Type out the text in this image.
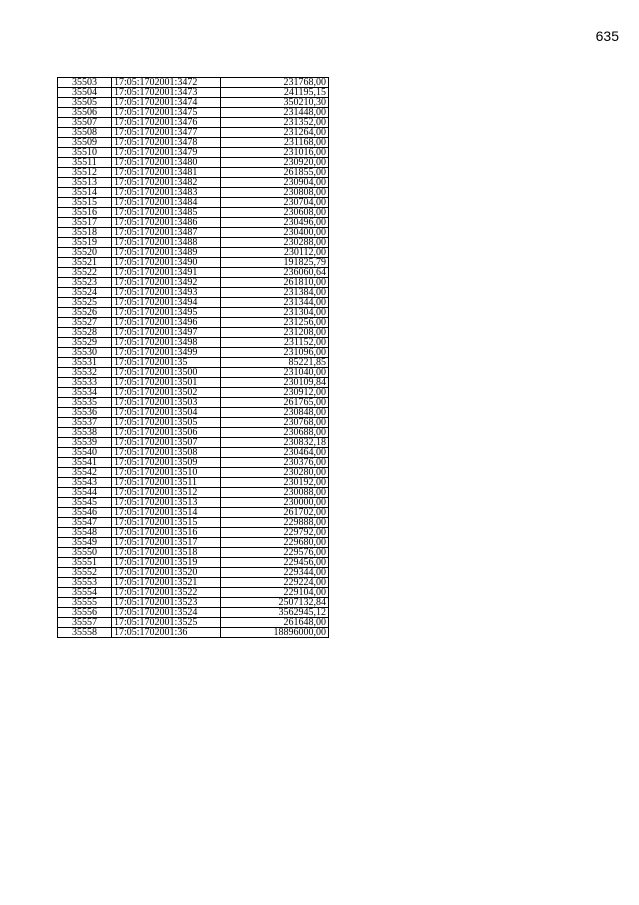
635
35503	17:05:1702001:3472	231768,00
35504	17:05:1702001:3473	241195,15
35505	17:05:1702001:3474	350210,30
35506	17:05:1702001:3475	231448,00
35507	17:05:1702001:3476	231352,00
35508	17:05:1702001:3477	231264,00
35509	17:05:1702001:3478	231168,00
35510	17:05:1702001:3479	231016,00
35511	17:05:1702001:3480	230920,00
35512	17:05:1702001:3481	261855,00
35513	17:05:1702001:3482	230904,00
35514	17:05:1702001:3483	230808,00
35515	17:05:1702001:3484	230704,00
35516	17:05:1702001:3485	230608,00
35517	17:05:1702001:3486	230496,00
35518	17:05:1702001:3487	230400,00
35519	17:05:1702001:3488	230288,00
35520	17:05:1702001:3489	230112,00
35521	17:05:1702001:3490	191825,79
35522	17:05:1702001:3491	236060,64
35523	17:05:1702001:3492	261810,00
35524	17:05:1702001:3493	231384,00
35525	17:05:1702001:3494	231344,00
35526	17:05:1702001:3495	231304,00
35527	17:05:1702001:3496	231256,00
35528	17:05:1702001:3497	231208,00
35529	17:05:1702001:3498	231152,00
35530	17:05:1702001:3499	231096,00
35531	17:05:1702001:35	85221,85
35532	17:05:1702001:3500	231040,00
35533	17:05:1702001:3501	230109,84
35534	17:05:1702001:3502	230912,00
35535	17:05:1702001:3503	261765,00
35536	17:05:1702001:3504	230848,00
35537	17:05:1702001:3505	230768,00
35538	17:05:1702001:3506	230688,00
35539	17:05:1702001:3507	230832,18
35540	17:05:1702001:3508	230464,00
35541	17:05:1702001:3509	230376,00
35542	17:05:1702001:3510	230280,00
35543	17:05:1702001:3511	230192,00
35544	17:05:1702001:3512	230088,00
35545	17:05:1702001:3513	230000,00
35546	17:05:1702001:3514	261702,00
35547	17:05:1702001:3515	229888,00
35548	17:05:1702001:3516	229792,00
35549	17:05:1702001:3517	229680,00
35550	17:05:1702001:3518	229576,00
35551	17:05:1702001:3519	229456,00
35552	17:05:1702001:3520	229344,00
35553	17:05:1702001:3521	229224,00
35554	17:05:1702001:3522	229104,00
35555	17:05:1702001:3523	2507132,84
35556	17:05:1702001:3524	3562945,12
35557	17:05:1702001:3525	261648,00
35558	17:05:1702001:36	18896000,00
